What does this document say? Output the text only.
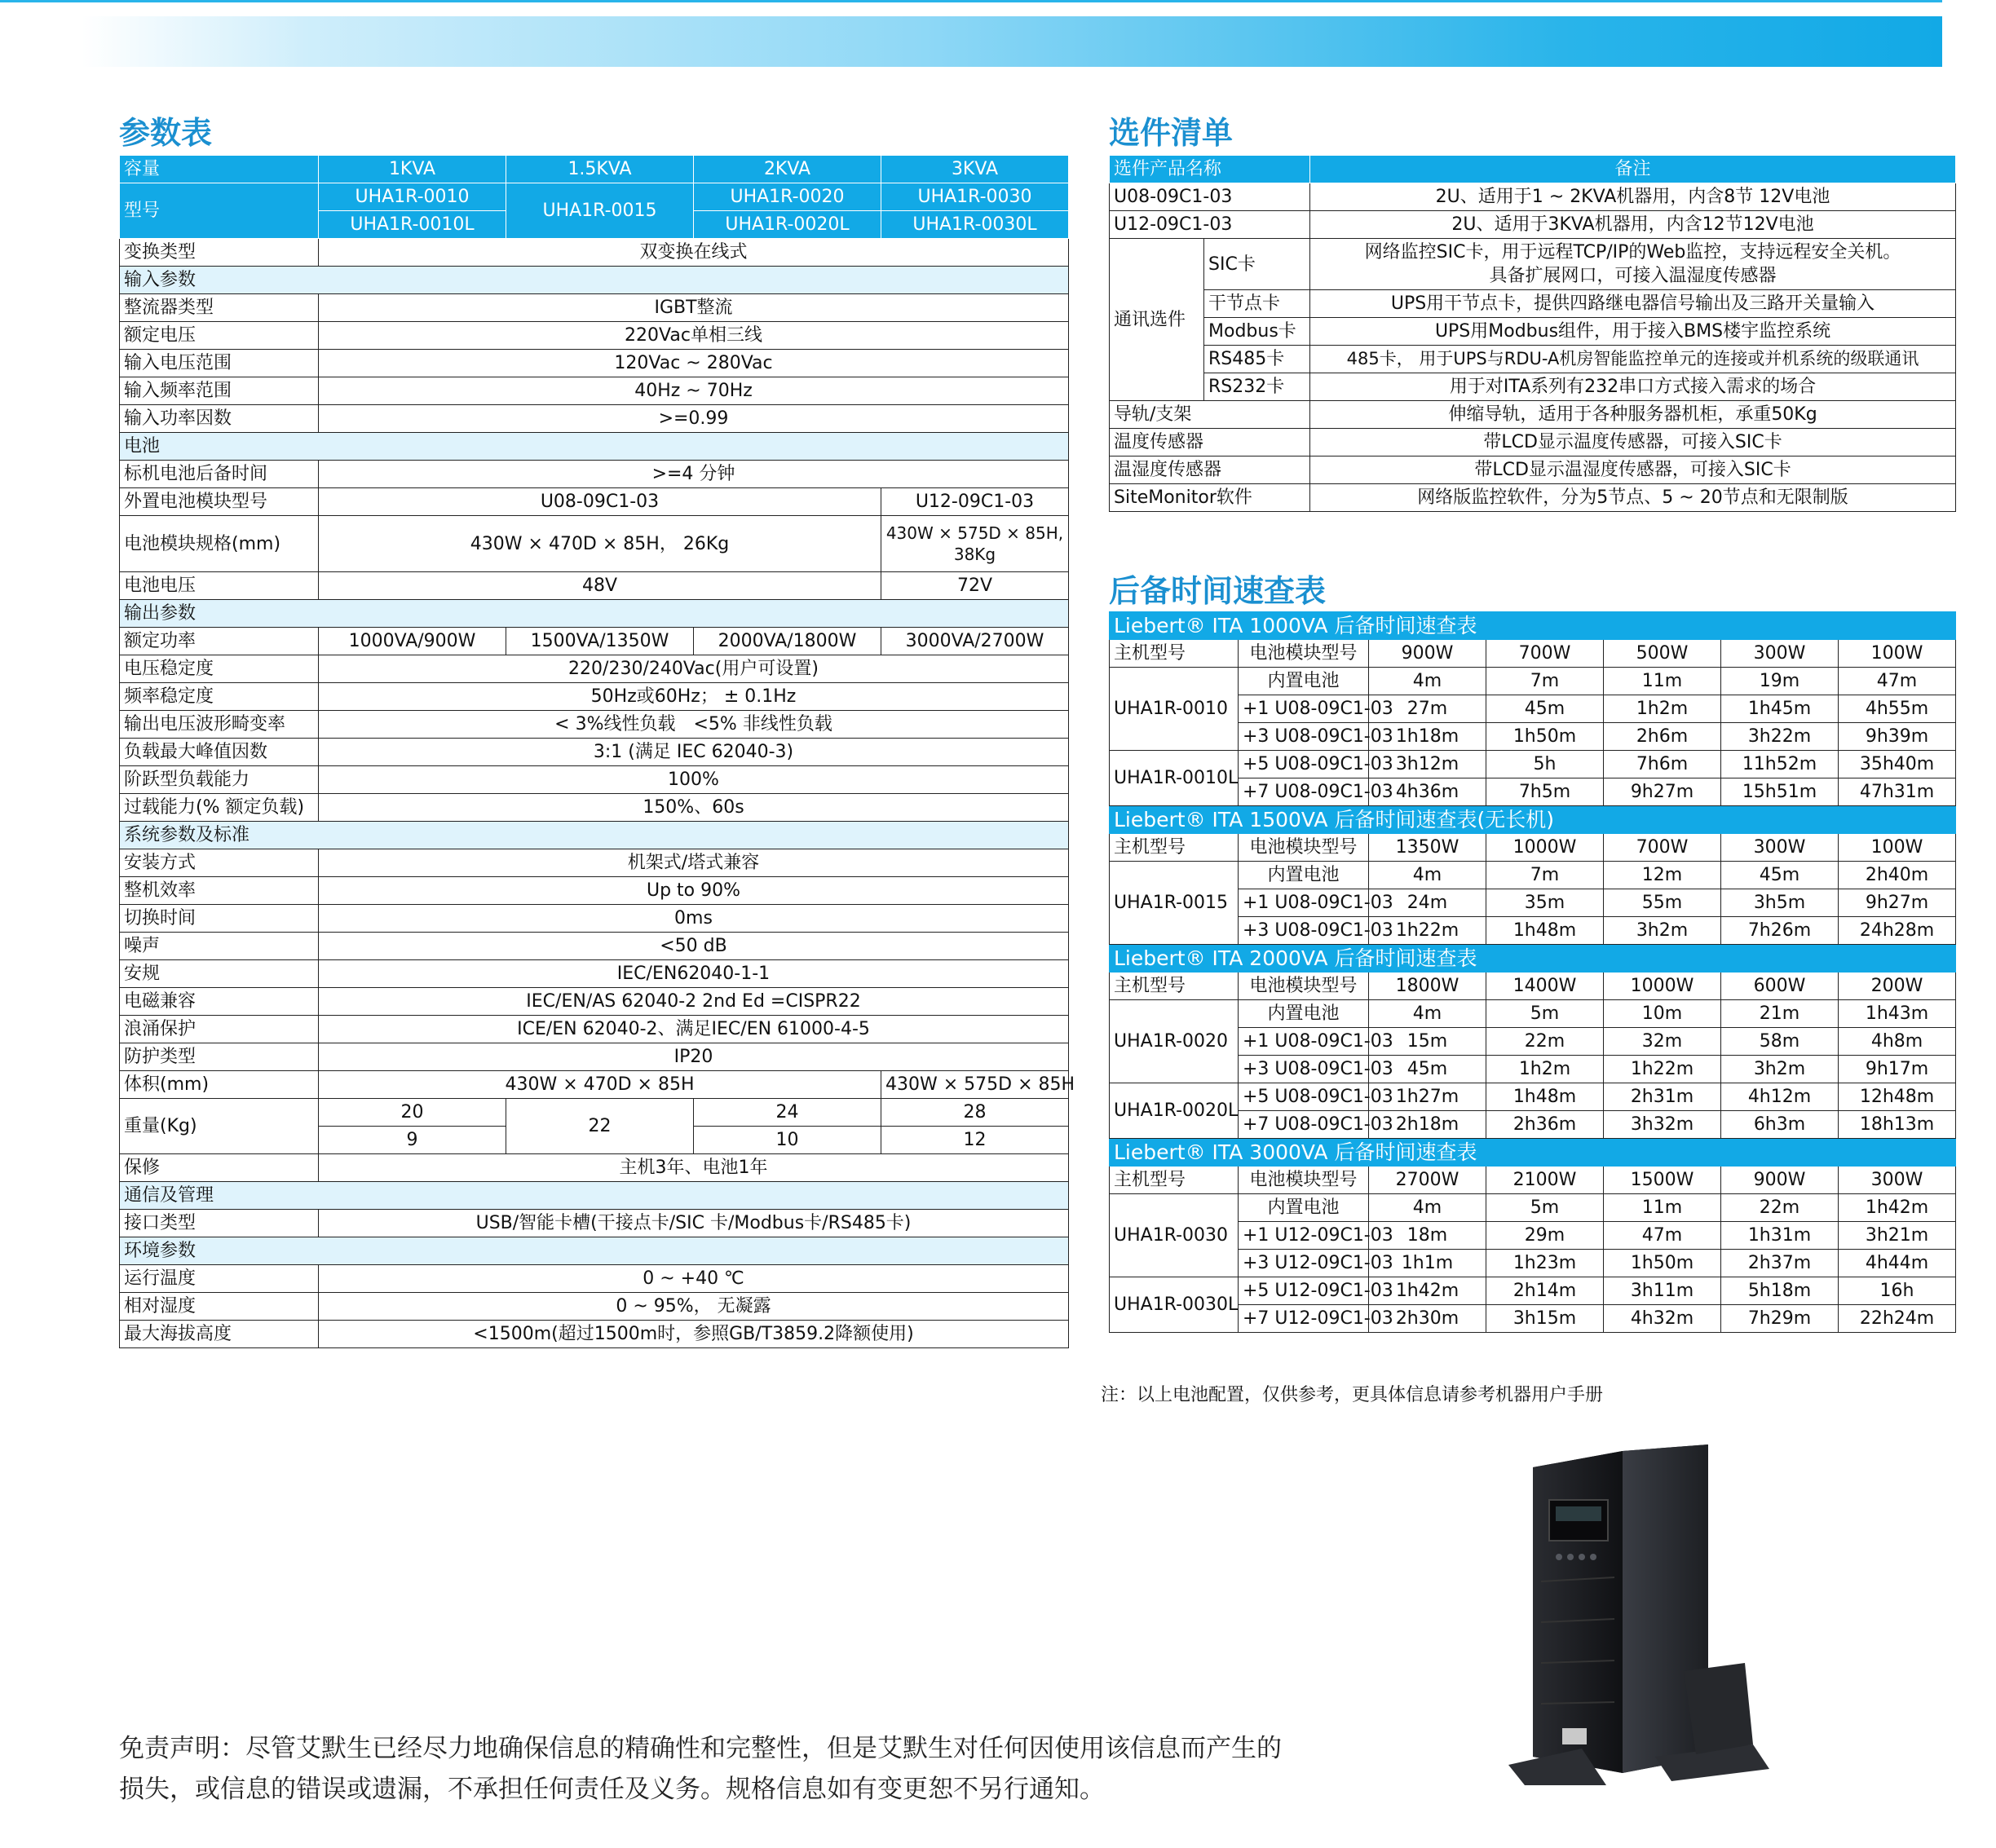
参数表
容量	1KVA	1.5KVA	2KVA	3KVA
型号	UHA1R-0010	UHA1R-0015	UHA1R-0020	UHA1R-0030
	UHA1R-0010L		UHA1R-0020L	UHA1R-0030L
变换类型	双变换在线式			
输入参数				
整流器类型	IGBT整流			
额定电压	220Vac单相三线			
输入电压范围	120Vac ~ 280Vac			
输入频率范围	40Hz ~ 70Hz			
输入功率因数	>=0.99			
电池				
标机电池后备时间	>=4 分钟			
外置电池模块型号	U08-09C1-03			U12-09C1-03
电池模块规格(mm)	430W × 470D × 85H， 26Kg			430W × 575D × 85H, 38Kg
电池电压	48V			72V
输出参数				
额定功率	1000VA/900W	1500VA/1350W	2000VA/1800W	3000VA/2700W
电压稳定度	220/230/240Vac(用户可设置)			
频率稳定度	50Hz或60Hz； ± 0.1Hz			
输出电压波形畸变率	< 3%线性负载　<5% 非线性负载			
负载最大峰值因数	3:1 (满足 IEC 62040-3)			
阶跃型负载能力	100%			
过载能力(% 额定负载)	150%、60s			
系统参数及标准				
安装方式	机架式/塔式兼容			
整机效率	Up to 90%			
切换时间	0ms			
噪声	<50 dB			
安规	IEC/EN62040-1-1			
电磁兼容	IEC/EN/AS 62040-2 2nd Ed =CISPR22			
浪涌保护	ICE/EN 62040-2、满足IEC/EN 61000-4-5			
防护类型	IP20			
体积(mm)	430W × 470D × 85H			430W × 575D × 85H
重量(Kg)	20	22	24	28
	9		10	12
保修	主机3年、电池1年			
通信及管理				
接口类型	USB/智能卡槽(干接点卡/SIC 卡/Modbus卡/RS485卡)			
环境参数				
运行温度	0 ~ +40 ℃			
相对湿度	0 ~ 95%， 无凝露			
最大海拔高度	<1500m(超过1500m时，参照GB/T3859.2降额使用)			
选件清单
选件产品名称		备注
U08-09C1-03		2U、适用于1 ~ 2KVA机器用，内含8节 12V电池
U12-09C1-03		2U、适用于3KVA机器用，内含12节12V电池
通讯选件	SIC卡	网络监控SIC卡，用于远程TCP/IP的Web监控，支持远程安全关机。
具备扩展网口，可接入温湿度传感器
	干节点卡	UPS用干节点卡，提供四路继电器信号输出及三路开关量输入
	Modbus卡	UPS用Modbus组件，用于接入BMS楼宇监控系统
	RS485卡	485卡， 用于UPS与RDU-A机房智能监控单元的连接或并机系统的级联通讯
	RS232卡	用于对ITA系列有232串口方式接入需求的场合
导轨/支架		伸缩导轨，适用于各种服务器机柜，承重50Kg
温度传感器		带LCD显示温度传感器，可接入SIC卡
温湿度传感器		带LCD显示温湿度传感器，可接入SIC卡
SiteMonitor软件		网络版监控软件，分为5节点、5 ~ 20节点和无限制版
后备时间速查表
Liebert® ITA 1000VA 后备时间速查表						
主机型号	电池模块型号	900W	700W	500W	300W	100W
UHA1R-0010	内置电池	4m	7m	11m	19m	47m
	+1 U08-09C1-03	27m	45m	1h2m	1h45m	4h55m
	+3 U08-09C1-03	1h18m	1h50m	2h6m	3h22m	9h39m
UHA1R-0010L	+5 U08-09C1-03	3h12m	5h	7h6m	11h52m	35h40m
	+7 U08-09C1-03	4h36m	7h5m	9h27m	15h51m	47h31m
Liebert® ITA 1500VA 后备时间速查表(无长机)						
主机型号	电池模块型号	1350W	1000W	700W	300W	100W
UHA1R-0015	内置电池	4m	7m	12m	45m	2h40m
	+1 U08-09C1-03	24m	35m	55m	3h5m	9h27m
	+3 U08-09C1-03	1h22m	1h48m	3h2m	7h26m	24h28m
Liebert® ITA 2000VA 后备时间速查表						
主机型号	电池模块型号	1800W	1400W	1000W	600W	200W
UHA1R-0020	内置电池	4m	5m	10m	21m	1h43m
	+1 U08-09C1-03	15m	22m	32m	58m	4h8m
	+3 U08-09C1-03	45m	1h2m	1h22m	3h2m	9h17m
UHA1R-0020L	+5 U08-09C1-03	1h27m	1h48m	2h31m	4h12m	12h48m
	+7 U08-09C1-03	2h18m	2h36m	3h32m	6h3m	18h13m
Liebert® ITA 3000VA 后备时间速查表						
主机型号	电池模块型号	2700W	2100W	1500W	900W	300W
UHA1R-0030	内置电池	4m	5m	11m	22m	1h42m
	+1 U12-09C1-03	18m	29m	47m	1h31m	3h21m
	+3 U12-09C1-03	1h1m	1h23m	1h50m	2h37m	4h44m
UHA1R-0030L	+5 U12-09C1-03	1h42m	2h14m	3h11m	5h18m	16h
	+7 U12-09C1-03	2h30m	3h15m	4h32m	7h29m	22h24m
注：以上电池配置，仅供参考，更具体信息请参考机器用户手册
免责声明：尽管艾默生已经尽力地确保信息的精确性和完整性，但是艾默生对任何因使用该信息而产生的
损失，或信息的错误或遗漏，不承担任何责任及义务。规格信息如有变更恕不另行通知。
